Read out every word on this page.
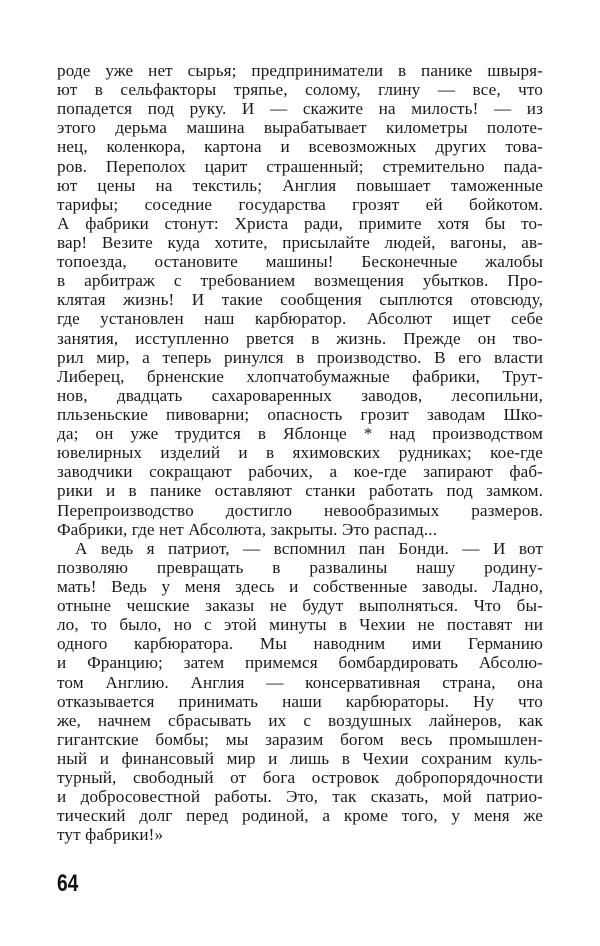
роде уже нет сырья; предприниматели в панике швыря-
ют в сельфакторы тряпье, солому, глину — все, что
попадется под руку. И — скажите на милость! — из
этого дерьма машина вырабатывает километры полоте-
нец, коленкора, картона и всевозможных других това-
ров. Переполох царит страшенный; стремительно пада-
ют цены на текстиль; Англия повышает таможенные
тарифы; соседние государства грозят ей бойкотом.
А фабрики стонут: Христа ради, примите хотя бы то-
вар! Везите куда хотите, присылайте людей, вагоны, ав-
топоезда, остановите машины! Бесконечные жалобы
в арбитраж с требованием возмещения убытков. Про-
клятая жизнь! И такие сообщения сыплются отовсюду,
где установлен наш карбюратор. Абсолют ищет себе
занятия, исступленно рвется в жизнь. Прежде он тво-
рил мир, а теперь ринулся в производство. В его власти
Либерец, брненские хлопчатобумажные фабрики, Трут-
нов, двадцать сахароваренных заводов, лесопильни,
пльзеньские пивоварни; опасность грозит заводам Шко-
да; он уже трудится в Яблонце * над производством
ювелирных изделий и в яхимовских рудниках; кое-где
заводчики сокращают рабочих, а кое-где запирают фаб-
рики и в панике оставляют станки работать под замком.
Перепроизводство достигло невообразимых размеров.
Фабрики, где нет Абсолюта, закрыты. Это распад...
А ведь я патриот, — вспомнил пан Бонди. — И вот
позволяю превращать в развалины нашу родину-
мать! Ведь у меня здесь и собственные заводы. Ладно,
отныне чешские заказы не будут выполняться. Что бы-
ло, то было, но с этой минуты в Чехии не поставят ни
одного карбюратора. Мы наводним ими Германию
и Францию; затем примемся бомбардировать Абсолю-
том Англию. Англия — консервативная страна, она
отказывается принимать наши карбюраторы. Ну что
же, начнем сбрасывать их с воздушных лайнеров, как
гигантские бомбы; мы заразим богом весь промышлен-
ный и финансовый мир и лишь в Чехии сохраним куль-
турный, свободный от бога островок добропорядочности
и добросовестной работы. Это, так сказать, мой патрио-
тический долг перед родиной, а кроме того, у меня же
тут фабрики!»
64
